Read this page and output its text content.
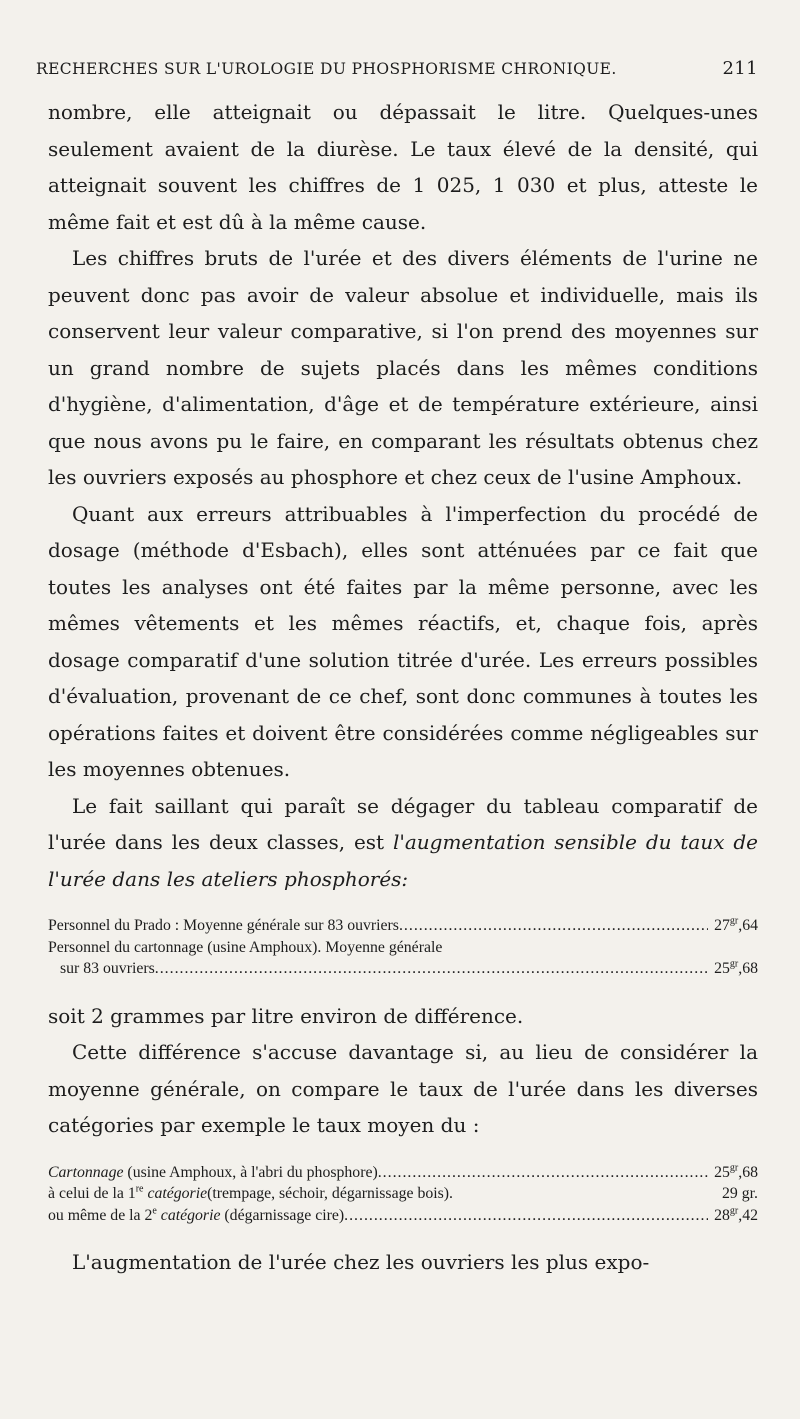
RECHERCHES SUR L'UROLOGIE DU PHOSPHORISME CHRONIQUE.	211

nombre, elle atteignait ou dépassait le litre. Quelques-unes seulement avaient de la diurèse. Le taux élevé de la densité, qui atteignait souvent les chiffres de 1 025, 1 030 et plus, atteste le même fait et est dû à la même cause.

Les chiffres bruts de l'urée et des divers éléments de l'urine ne peuvent donc pas avoir de valeur absolue et individuelle, mais ils conservent leur valeur comparative, si l'on prend des moyennes sur un grand nombre de sujets placés dans les mêmes conditions d'hygiène, d'alimentation, d'âge et de température extérieure, ainsi que nous avons pu le faire, en comparant les résultats obtenus chez les ouvriers exposés au phosphore et chez ceux de l'usine Amphoux.

Quant aux erreurs attribuables à l'imperfection du procédé de dosage (méthode d'Esbach), elles sont atténuées par ce fait que toutes les analyses ont été faites par la même personne, avec les mêmes vêtements et les mêmes réactifs, et, chaque fois, après dosage comparatif d'une solution titrée d'urée. Les erreurs possibles d'évaluation, provenant de ce chef, sont donc communes à toutes les opérations faites et doivent être considérées comme négligeables sur les moyennes obtenues.

Le fait saillant qui paraît se dégager du tableau comparatif de l'urée dans les deux classes, est l'augmentation sensible du taux de l'urée dans les ateliers phosphorés:

Personnel du Prado : Moyenne générale sur 83 ouvriers .....	$27^{gr},64$
Personnel du cartonnage (usine Amphoux). Moyenne générale
sur 83 ouvriers .....	$25^{gr},68$

soit 2 grammes par litre environ de différence.

Cette différence s'accuse davantage si, au lieu de considérer la moyenne générale, on compare le taux de l'urée dans les diverses catégories par exemple le taux moyen du :

Cartonnage (usine Amphoux, à l'abri du phosphore) .....	$25^{gr},68$
à celui de la 1re catégorie(trempage, séchoir, dégarnissage bois).	29 gr.
ou même de la 2e catégorie (dégarnissage cire) .....	$28^{gr},42$

L'augmentation de l'urée chez les ouvriers les plus expo-
